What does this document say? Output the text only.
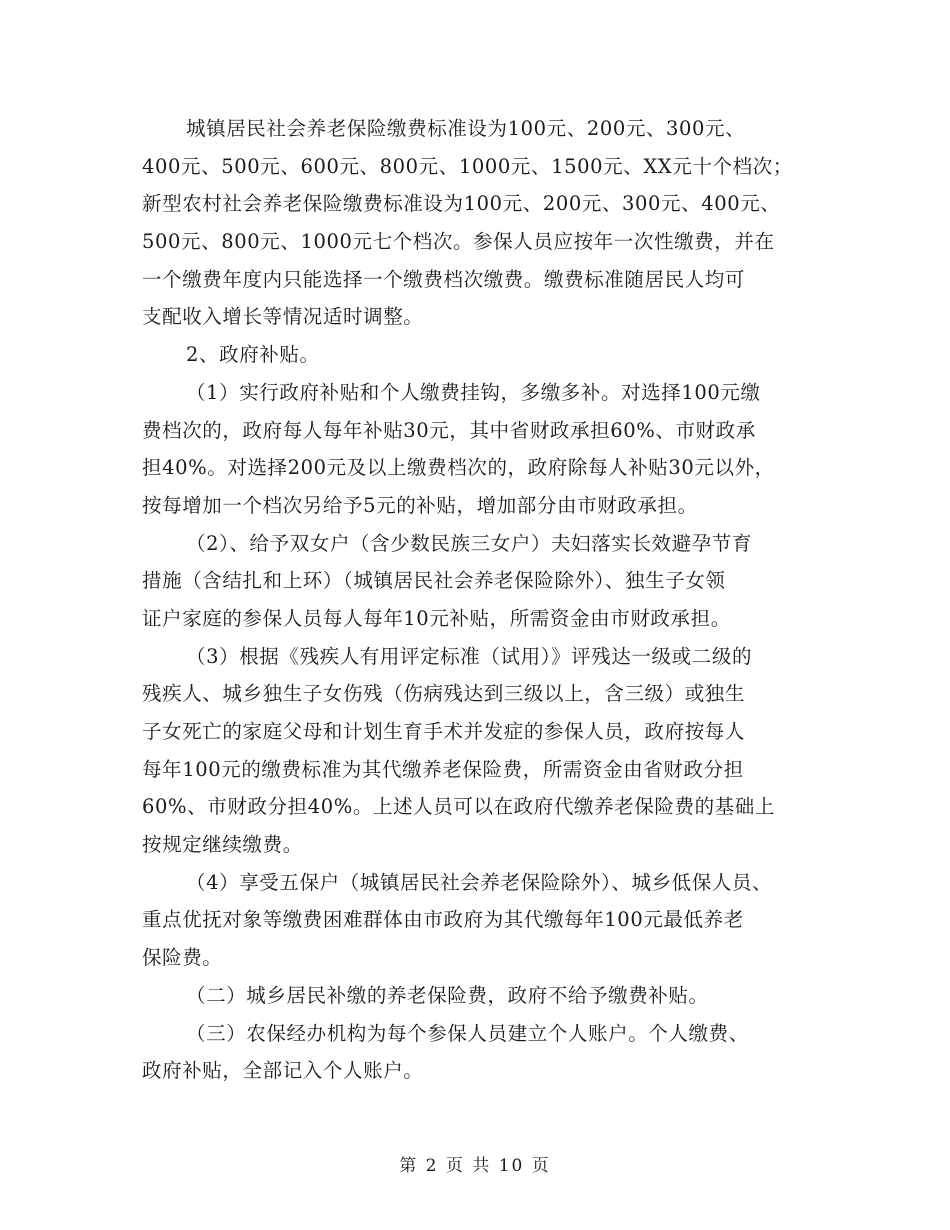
城镇居民社会养老保险缴费标准设为100元、200元、300元、
400元、500元、600元、800元、1000元、1500元、XX元十个档次；
新型农村社会养老保险缴费标准设为100元、200元、300元、400元、
500元、800元、1000元七个档次。参保人员应按年一次性缴费，并在
一个缴费年度内只能选择一个缴费档次缴费。缴费标准随居民人均可
支配收入增长等情况适时调整。
2、政府补贴。
（1）实行政府补贴和个人缴费挂钩，多缴多补。对选择100元缴
费档次的，政府每人每年补贴30元，其中省财政承担60%、市财政承
担40%。对选择200元及以上缴费档次的，政府除每人补贴30元以外，
按每增加一个档次另给予5元的补贴，增加部分由市财政承担。
（2）、给予双女户（含少数民族三女户）夫妇落实长效避孕节育
措施（含结扎和上环）（城镇居民社会养老保险除外）、独生子女领
证户家庭的参保人员每人每年10元补贴，所需资金由市财政承担。
（3）根据《残疾人有用评定标准（试用）》评残达一级或二级的
残疾人、城乡独生子女伤残（伤病残达到三级以上，含三级）或独生
子女死亡的家庭父母和计划生育手术并发症的参保人员，政府按每人
每年100元的缴费标准为其代缴养老保险费，所需资金由省财政分担
60%、市财政分担40%。上述人员可以在政府代缴养老保险费的基础上
按规定继续缴费。
（4）享受五保户（城镇居民社会养老保险除外）、城乡低保人员、
重点优抚对象等缴费困难群体由市政府为其代缴每年100元最低养老
保险费。
（二）城乡居民补缴的养老保险费，政府不给予缴费补贴。
（三）农保经办机构为每个参保人员建立个人账户。个人缴费、
政府补贴，全部记入个人账户。
第 2 页 共 10 页
